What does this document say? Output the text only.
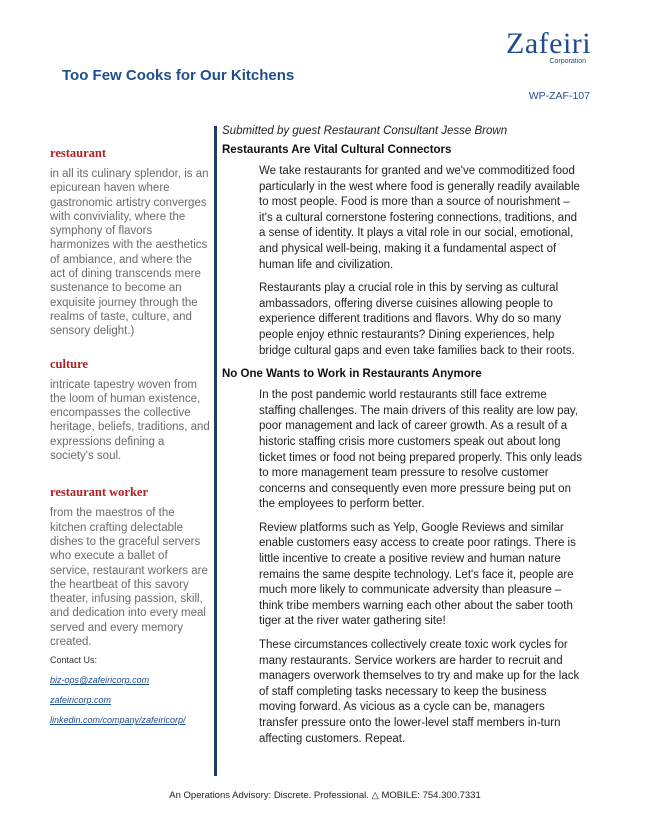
Zafeiri
Corporation
Too Few Cooks for Our Kitchens
WP-ZAF-107

restaurant

in all its culinary splendor, is an epicurean haven where gastronomic artistry converges with conviviality, where the symphony of flavors harmonizes with the aesthetics of ambiance, and where the act of dining transcends mere sustenance to become an exquisite journey through the realms of taste, culture, and sensory delight.)

culture

intricate tapestry woven from the loom of human existence, encompasses the collective heritage, beliefs, traditions, and expressions defining a society's soul.

restaurant worker

from the maestros of the kitchen crafting delectable dishes to the graceful servers who execute a ballet of service, restaurant workers are the heartbeat of this savory theater, infusing passion, skill, and dedication into every meal served and every memory created.

Contact Us:
biz-ops@zafeiricorp.com
zafeiricorp.com
linkedin.com/company/zafeiricorp/

Submitted by guest Restaurant Consultant Jesse Brown

Restaurants Are Vital Cultural Connectors

We take restaurants for granted and we've commoditized food particularly in the west where food is generally readily available to most people. Food is more than a source of nourishment – it's a cultural cornerstone fostering connections, traditions, and a sense of identity. It plays a vital role in our social, emotional, and physical well-being, making it a fundamental aspect of human life and civilization.

Restaurants play a crucial role in this by serving as cultural ambassadors, offering diverse cuisines allowing people to experience different traditions and flavors. Why do so many people enjoy ethnic restaurants? Dining experiences, help bridge cultural gaps and even take families back to their roots.

No One Wants to Work in Restaurants Anymore

In the post pandemic world restaurants still face extreme staffing challenges. The main drivers of this reality are low pay, poor management and lack of career growth. As a result of a historic staffing crisis more customers speak out about long ticket times or food not being prepared properly. This only leads to more management team pressure to resolve customer concerns and consequently even more pressure being put on the employees to perform better.

Review platforms such as Yelp, Google Reviews and similar enable customers easy access to create poor ratings. There is little incentive to create a positive review and human nature remains the same despite technology. Let's face it, people are much more likely to communicate adversity than pleasure – think tribe members warning each other about the saber tooth tiger at the river water gathering site!

These circumstances collectively create toxic work cycles for many restaurants. Service workers are harder to recruit and managers overwork themselves to try and make up for the lack of staff completing tasks necessary to keep the business moving forward. As vicious as a cycle can be, managers transfer pressure onto the lower-level staff members in-turn affecting customers. Repeat.

An Operations Advisory: Discrete. Professional. △ MOBILE: 754.300.7331
